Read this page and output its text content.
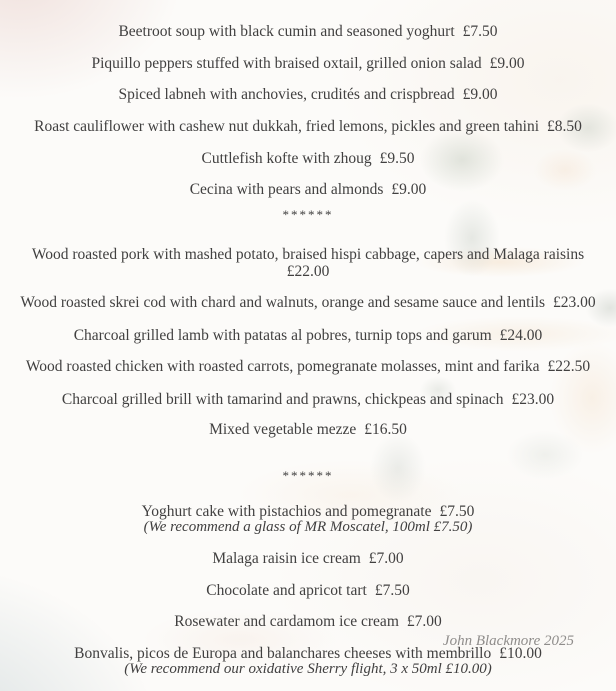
Beetroot soup with black cumin and seasoned yoghurt £7.50
Piquillo peppers stuffed with braised oxtail, grilled onion salad £9.00
Spiced labneh with anchovies, crudités and crispbread £9.00
Roast cauliflower with cashew nut dukkah, fried lemons, pickles and green tahini £8.50
Cuttlefish kofte with zhoug £9.50
Cecina with pears and almonds £9.00
******
Wood roasted pork with mashed potato, braised hispi cabbage, capers and Malaga raisins
£22.00
Wood roasted skrei cod with chard and walnuts, orange and sesame sauce and lentils £23.00
Charcoal grilled lamb with patatas al pobres, turnip tops and garum £24.00
Wood roasted chicken with roasted carrots, pomegranate molasses, mint and farika £22.50
Charcoal grilled brill with tamarind and prawns, chickpeas and spinach £23.00
Mixed vegetable mezze £16.50
******
Yoghurt cake with pistachios and pomegranate £7.50
(We recommend a glass of MR Moscatel, 100ml £7.50)
Malaga raisin ice cream £7.00
Chocolate and apricot tart £7.50
Rosewater and cardamom ice cream £7.00
John Blackmore 2025
Bonvalis, picos de Europa and balanchares cheeses with membrillo £10.00
(We recommend our oxidative Sherry flight, 3 x 50ml £10.00)
